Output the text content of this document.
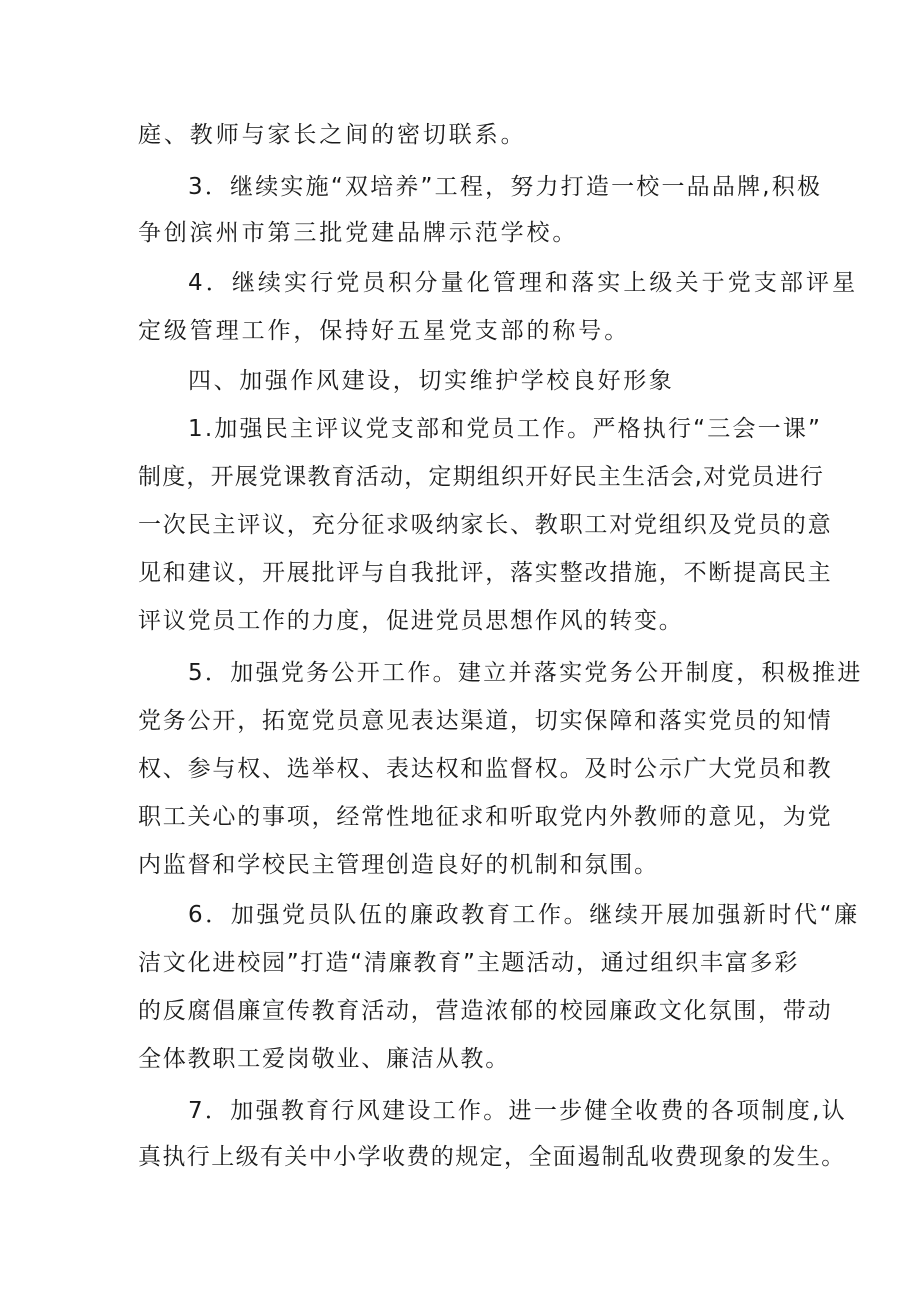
庭、教师与家长之间的密切联系。
3．继续实施“双培养”工程，努力打造一校一品品牌,积极
争创滨州市第三批党建品牌示范学校。
4．继续实行党员积分量化管理和落实上级关于党支部评星
定级管理工作，保持好五星党支部的称号。
四、加强作风建设，切实维护学校良好形象
1.加强民主评议党支部和党员工作。严格执行“三会一课”
制度，开展党课教育活动，定期组织开好民主生活会,对党员进行
一次民主评议，充分征求吸纳家长、教职工对党组织及党员的意
见和建议，开展批评与自我批评，落实整改措施，不断提高民主
评议党员工作的力度，促进党员思想作风的转变。
5．加强党务公开工作。建立并落实党务公开制度，积极推进
党务公开，拓宽党员意见表达渠道，切实保障和落实党员的知情
权、参与权、选举权、表达权和监督权。及时公示广大党员和教
职工关心的事项，经常性地征求和听取党内外教师的意见，为党
内监督和学校民主管理创造良好的机制和氛围。
6．加强党员队伍的廉政教育工作。继续开展加强新时代“廉
洁文化进校园”打造“清廉教育”主题活动，通过组织丰富多彩
的反腐倡廉宣传教育活动，营造浓郁的校园廉政文化氛围，带动
全体教职工爱岗敬业、廉洁从教。
7．加强教育行风建设工作。进一步健全收费的各项制度,认
真执行上级有关中小学收费的规定，全面遏制乱收费现象的发生。
